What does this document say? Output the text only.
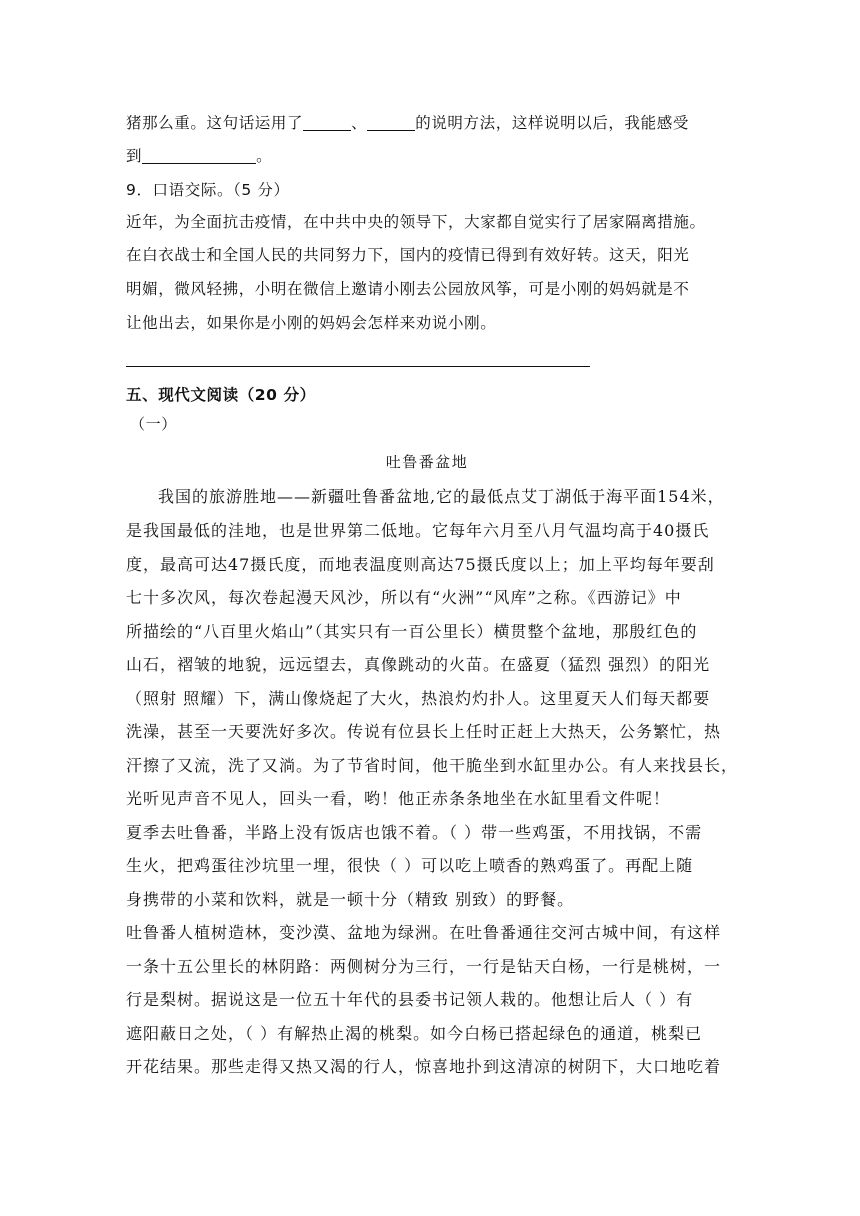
猪那么重。这句话运用了	、	的说明方法，这样说明以后，我能感受
到	。
9．口语交际。（5 分）
近年，为全面抗击疫情，在中共中央的领导下，大家都自觉实行了居家隔离措施。
在白衣战士和全国人民的共同努力下，国内的疫情已得到有效好转。这天，阳光
明媚，微风轻拂，小明在微信上邀请小刚去公园放风筝，可是小刚的妈妈就是不
让他出去，如果你是小刚的妈妈会怎样来劝说小刚。
五、现代文阅读（20 分）
（一）
吐鲁番盆地
我国的旅游胜地——新疆吐鲁番盆地,它的最低点艾丁湖低于海平面154米，
是我国最低的洼地，也是世界第二低地。它每年六月至八月气温均高于40摄氏
度，最高可达47摄氏度，而地表温度则高达75摄氏度以上；加上平均每年要刮
七十多次风，每次卷起漫天风沙，所以有“火洲”“风库”之称。《西游记》中
所描绘的“八百里火焰山”（其实只有一百公里长）横贯整个盆地，那殷红色的
山石，褶皱的地貌，远远望去，真像跳动的火苗。在盛夏（猛烈 强烈）的阳光
（照射 照耀）下，满山像烧起了大火，热浪灼灼扑人。这里夏天人们每天都要
洗澡，甚至一天要洗好多次。传说有位县长上任时正赶上大热天，公务繁忙，热
汗擦了又流，洗了又淌。为了节省时间，他干脆坐到水缸里办公。有人来找县长，
光听见声音不见人，回头一看，哟！他正赤条条地坐在水缸里看文件呢！
夏季去吐鲁番，半路上没有饭店也饿不着。（ ）带一些鸡蛋，不用找锅，不需
生火，把鸡蛋往沙坑里一埋，很快（ ）可以吃上喷香的熟鸡蛋了。再配上随
身携带的小菜和饮料，就是一顿十分（精致 别致）的野餐。
吐鲁番人植树造林，变沙漠、盆地为绿洲。在吐鲁番通往交河古城中间，有这样
一条十五公里长的林阴路：两侧树分为三行，一行是钻天白杨，一行是桃树，一
行是梨树。据说这是一位五十年代的县委书记领人栽的。他想让后人（ ）有
遮阳蔽日之处，（ ）有解热止渴的桃梨。如今白杨已搭起绿色的通道，桃梨已
开花结果。那些走得又热又渴的行人，惊喜地扑到这清凉的树阴下，大口地吃着
